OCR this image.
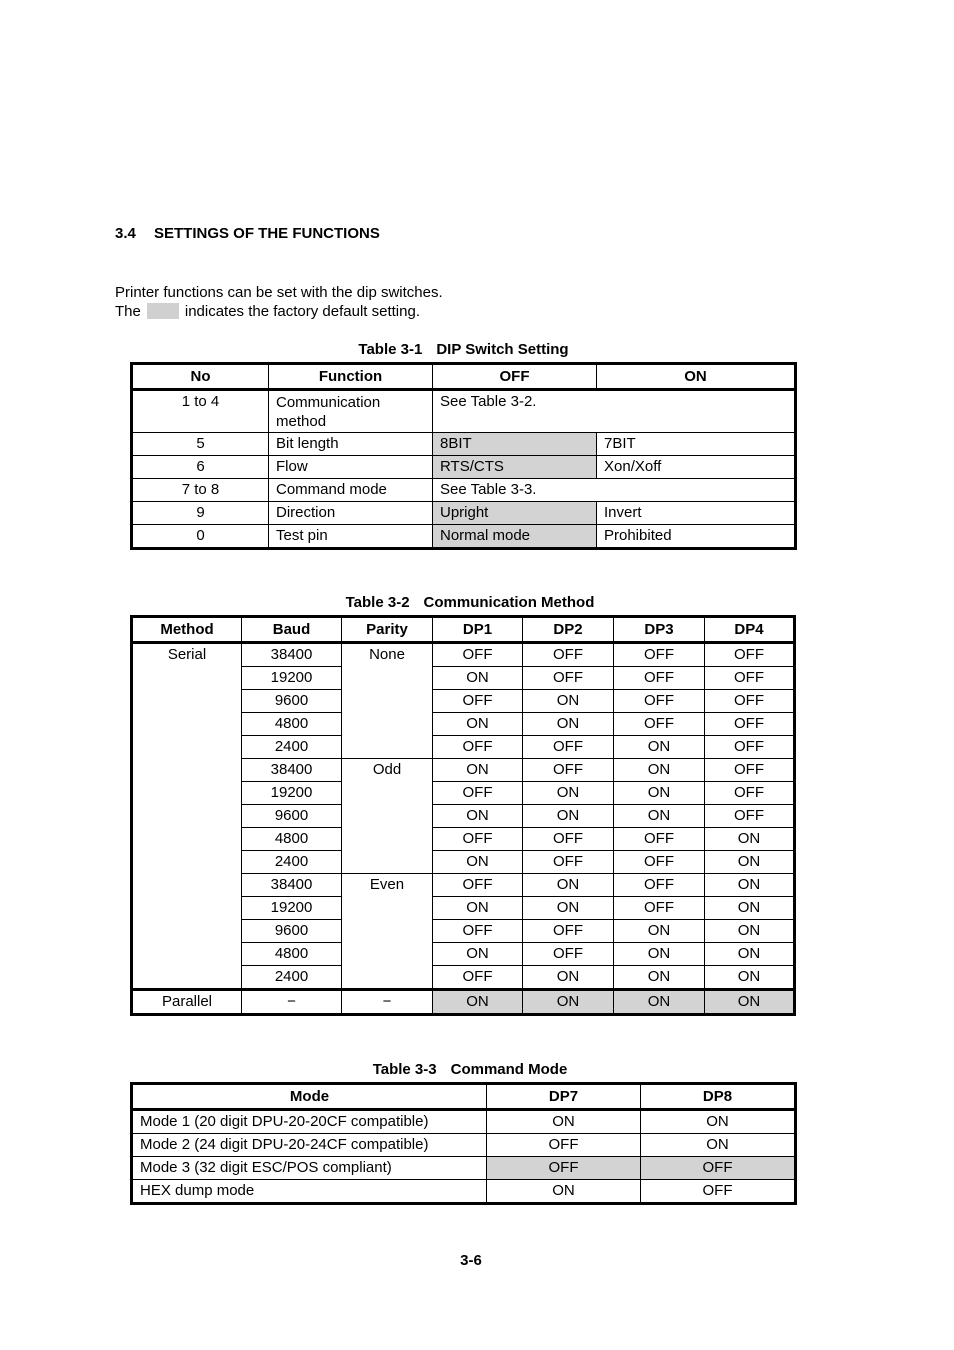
3.4 SETTINGS OF THE FUNCTIONS
Printer functions can be set with the dip switches.
The	indicates the factory default setting.
Table 3-1 DIP Switch Setting
No	Function	OFF	ON
1 to 4	Communication method	See Table 3-2.	
5	Bit length	8BIT	7BIT
6	Flow	RTS/CTS	Xon/Xoff
7 to 8	Command mode	See Table 3-3.	
9	Direction	Upright	Invert
0	Test pin	Normal mode	Prohibited
Table 3-2 Communication Method
Method	Baud	Parity	DP1	DP2	DP3	DP4
Serial	38400	None	OFF	OFF	OFF	OFF
	19200		ON	OFF	OFF	OFF
	9600		OFF	ON	OFF	OFF
	4800		ON	ON	OFF	OFF
	2400		OFF	OFF	ON	OFF
	38400	Odd	ON	OFF	ON	OFF
	19200		OFF	ON	ON	OFF
	9600		ON	ON	ON	OFF
	4800		OFF	OFF	OFF	ON
	2400		ON	OFF	OFF	ON
	38400	Even	OFF	ON	OFF	ON
	19200		ON	ON	OFF	ON
	9600		OFF	OFF	ON	ON
	4800		ON	OFF	ON	ON
	2400		OFF	ON	ON	ON
Parallel	−	−	ON	ON	ON	ON
Table 3-3 Command Mode
Mode	DP7	DP8
Mode 1 (20 digit DPU-20-20CF compatible)	ON	ON
Mode 2 (24 digit DPU-20-24CF compatible)	OFF	ON
Mode 3 (32 digit ESC/POS compliant)	OFF	OFF
HEX dump mode	ON	OFF
3-6
